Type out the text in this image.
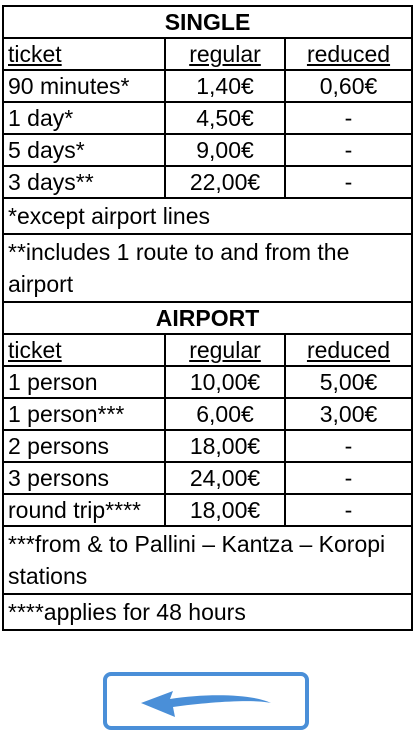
SINGLE		
ticket	regular	reduced
90 minutes*	1,40€	0,60€
1 day*	4,50€	-
5 days*	9,00€	-
3 days**	22,00€	-
*except airport lines		
**includes 1 route to and from the airport		
AIRPORT		
ticket	regular	reduced
1 person	10,00€	5,00€
1 person***	6,00€	3,00€
2 persons	18,00€	-
3 persons	24,00€	-
round trip****	18,00€	-
***from & to Pallini – Kantza – Koropi stations		
****applies for 48 hours		
